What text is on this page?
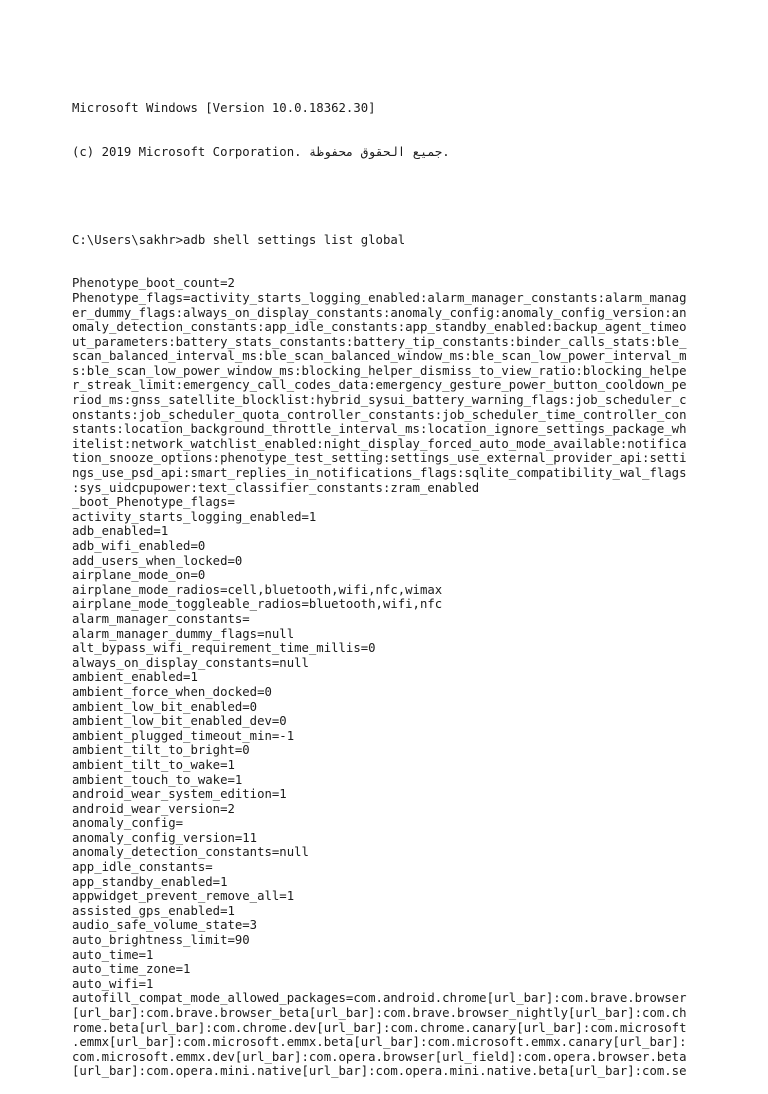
Microsoft Windows [Version 10.0.18362.30]

(c) 2019 Microsoft Corporation. جميع الحقوق محفوظة.

C:\Users\sakhr>adb shell settings list global

Phenotype_boot_count=2
Phenotype_flags=activity_starts_logging_enabled:alarm_manager_constants:alarm_manag
er_dummy_flags:always_on_display_constants:anomaly_config:anomaly_config_version:an
omaly_detection_constants:app_idle_constants:app_standby_enabled:backup_agent_timeo
ut_parameters:battery_stats_constants:battery_tip_constants:binder_calls_stats:ble_
scan_balanced_interval_ms:ble_scan_balanced_window_ms:ble_scan_low_power_interval_m
s:ble_scan_low_power_window_ms:blocking_helper_dismiss_to_view_ratio:blocking_helpe
r_streak_limit:emergency_call_codes_data:emergency_gesture_power_button_cooldown_pe
riod_ms:gnss_satellite_blocklist:hybrid_sysui_battery_warning_flags:job_scheduler_c
onstants:job_scheduler_quota_controller_constants:job_scheduler_time_controller_con
stants:location_background_throttle_interval_ms:location_ignore_settings_package_wh
itelist:network_watchlist_enabled:night_display_forced_auto_mode_available:notifica
tion_snooze_options:phenotype_test_setting:settings_use_external_provider_api:setti
ngs_use_psd_api:smart_replies_in_notifications_flags:sqlite_compatibility_wal_flags
:sys_uidcpupower:text_classifier_constants:zram_enabled
_boot_Phenotype_flags=
activity_starts_logging_enabled=1
adb_enabled=1
adb_wifi_enabled=0
add_users_when_locked=0
airplane_mode_on=0
airplane_mode_radios=cell,bluetooth,wifi,nfc,wimax
airplane_mode_toggleable_radios=bluetooth,wifi,nfc
alarm_manager_constants=
alarm_manager_dummy_flags=null
alt_bypass_wifi_requirement_time_millis=0
always_on_display_constants=null
ambient_enabled=1
ambient_force_when_docked=0
ambient_low_bit_enabled=0
ambient_low_bit_enabled_dev=0
ambient_plugged_timeout_min=-1
ambient_tilt_to_bright=0
ambient_tilt_to_wake=1
ambient_touch_to_wake=1
android_wear_system_edition=1
android_wear_version=2
anomaly_config=
anomaly_config_version=11
anomaly_detection_constants=null
app_idle_constants=
app_standby_enabled=1
appwidget_prevent_remove_all=1
assisted_gps_enabled=1
audio_safe_volume_state=3
auto_brightness_limit=90
auto_time=1
auto_time_zone=1
auto_wifi=1
autofill_compat_mode_allowed_packages=com.android.chrome[url_bar]:com.brave.browser
[url_bar]:com.brave.browser_beta[url_bar]:com.brave.browser_nightly[url_bar]:com.ch
rome.beta[url_bar]:com.chrome.dev[url_bar]:com.chrome.canary[url_bar]:com.microsoft
.emmx[url_bar]:com.microsoft.emmx.beta[url_bar]:com.microsoft.emmx.canary[url_bar]:
com.microsoft.emmx.dev[url_bar]:com.opera.browser[url_field]:com.opera.browser.beta
[url_bar]:com.opera.mini.native[url_bar]:com.opera.mini.native.beta[url_bar]:com.se
